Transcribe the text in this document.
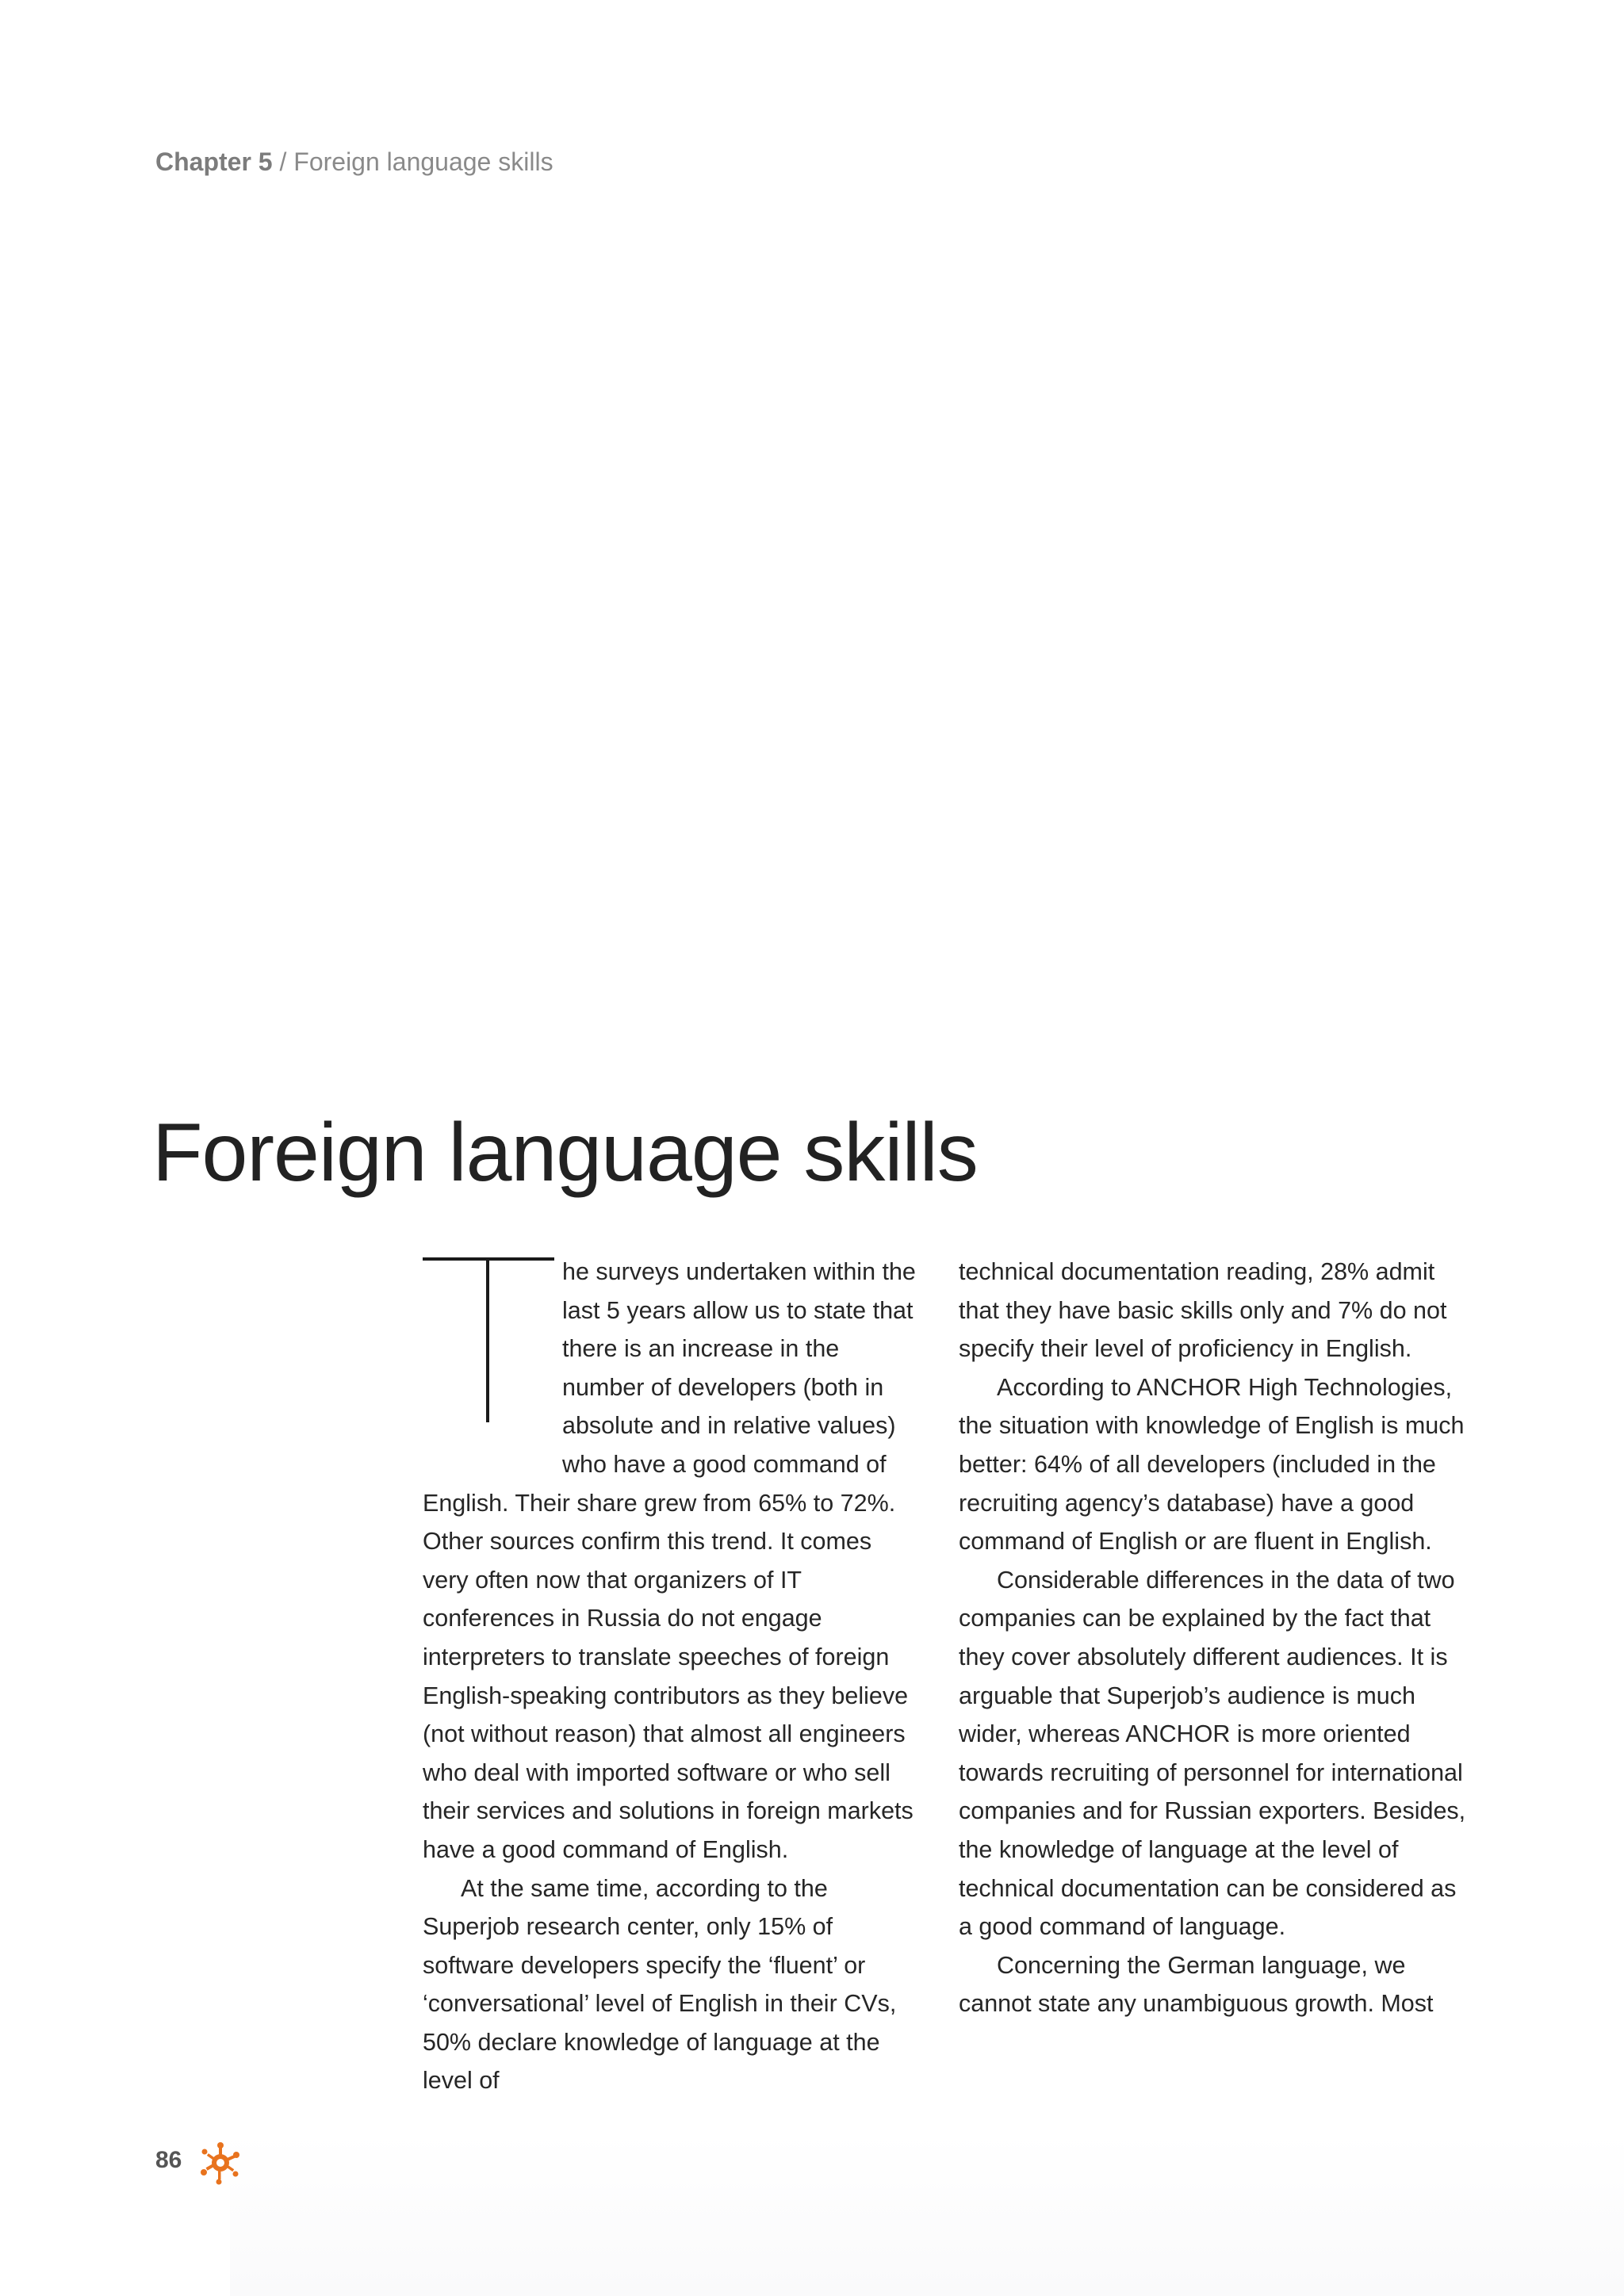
Chapter 5 / Foreign language skills
Foreign language skills

he surveys undertaken within the last 5 years allow us to state that there is an increase in the number of developers (both in absolute and in relative values) who have a good command of English. Their share grew from 65% to 72%. Other sources confirm this trend. It comes very often now that organizers of IT conferences in Russia do not engage interpreters to translate speeches of foreign English-speaking contributors as they believe (not without reason) that almost all engineers who deal with imported software or who sell their services and solutions in foreign markets have a good command of English.

At the same time, according to the Superjob research center, only 15% of software developers specify the ‘fluent’ or ‘conversational’ level of English in their CVs, 50% declare knowledge of language at the level of

technical documentation reading, 28% admit that they have basic skills only and 7% do not specify their level of proficiency in English.

According to ANCHOR High Technologies, the situation with knowledge of English is much better: 64% of all developers (included in the recruiting agency’s database) have a good command of English or are fluent in English.

Considerable differences in the data of two companies can be explained by the fact that they cover absolutely different audiences. It is arguable that Superjob’s audience is much wider, whereas ANCHOR is more oriented towards recruiting of personnel for international companies and for Russian exporters. Besides, the knowledge of language at the level of technical documentation can be considered as a good command of language.

Concerning the German language, we cannot state any unambiguous growth. Most

86
